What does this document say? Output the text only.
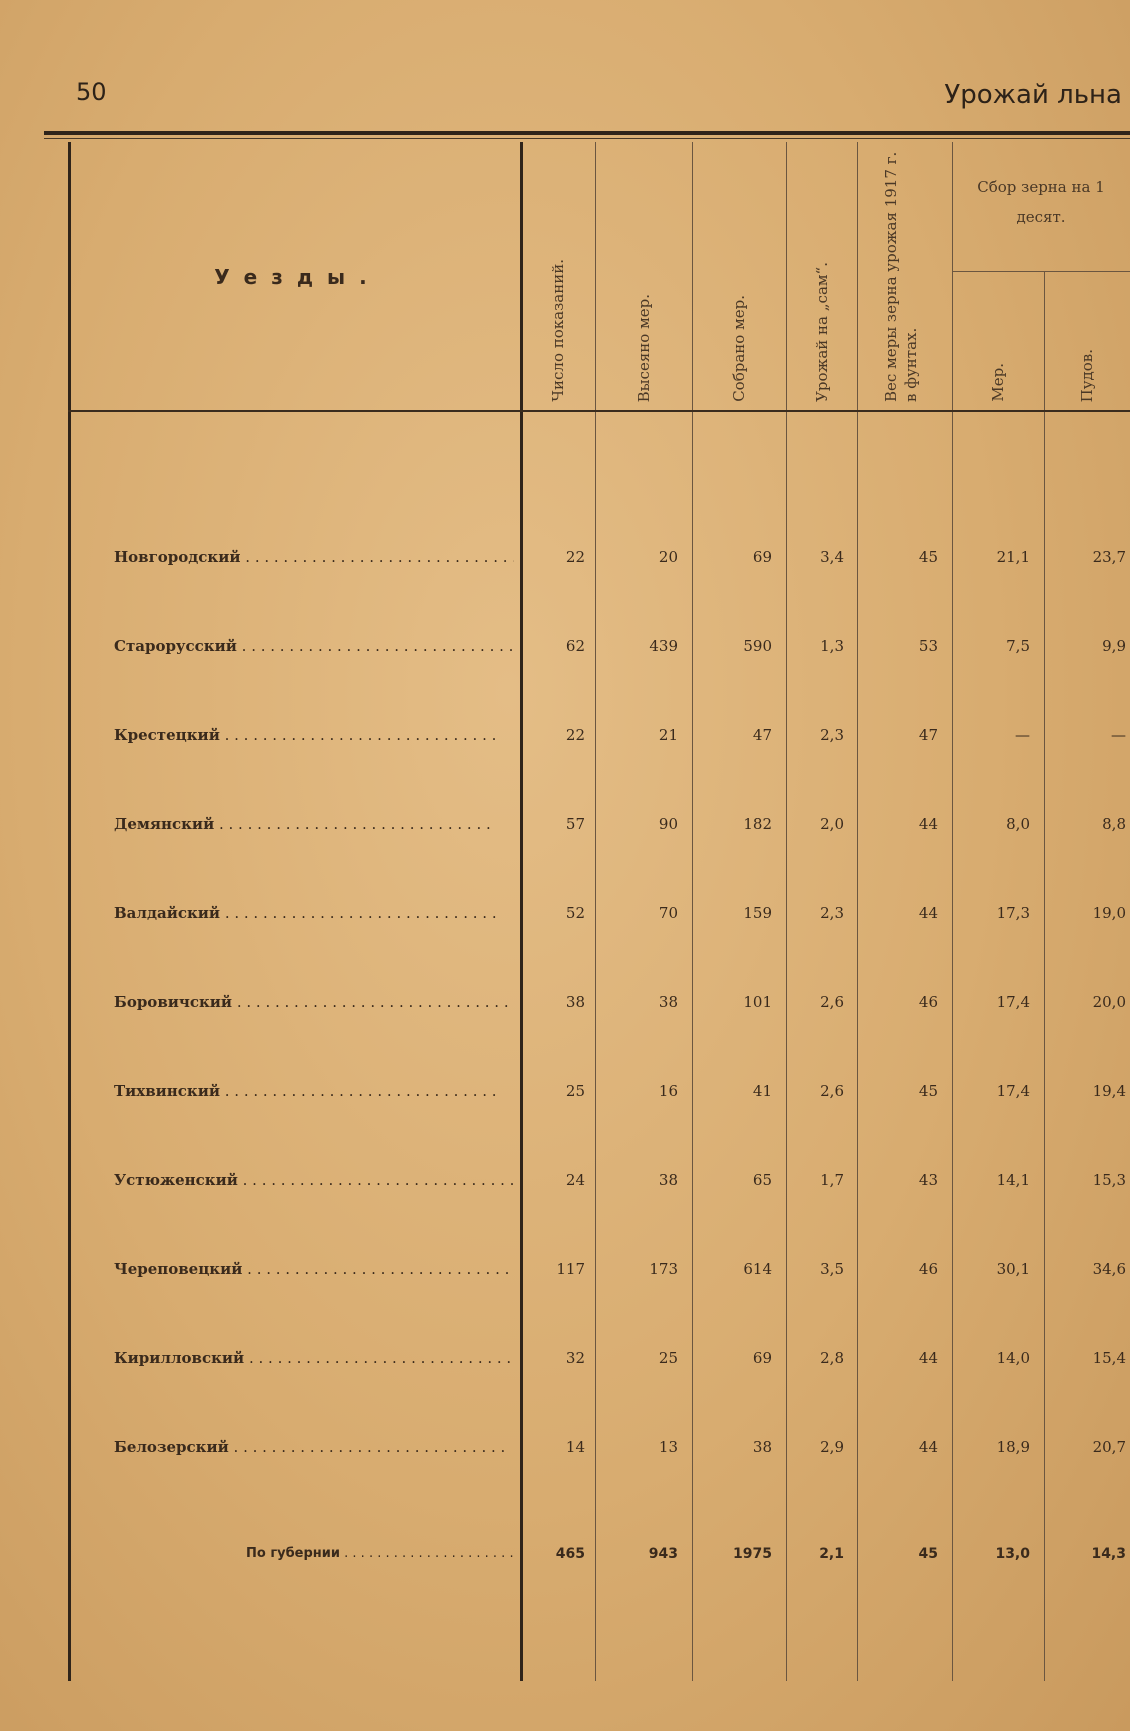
50	Урожай льна
Уезды.
Сбор зерна на 1 десят.
Число показаний.	Высеяно мер.	Собрано мер.	Урожай на „сам“.	Вес меры зерна урожая 1917 г. в фунтах.	Мер.	Пудов.
Новгородский . . .	22	20	69	3,4	45	21,1	23,7
Старорусский . . .	62	439	590	1,3	53	7,5	9,9
Крестецкий . . .	22	21	47	2,3	47	—	—
Демянский . . .	57	90	182	2,0	44	8,0	8,8
Валдайский . . .	52	70	159	2,3	44	17,3	19,0
Боровичский . . .	38	38	101	2,6	46	17,4	20,0
Тихвинский . . .	25	16	41	2,6	45	17,4	19,4
Устюженский . . .	24	38	65	1,7	43	14,1	15,3
Череповецкий . . .	117	173	614	3,5	46	30,1	34,6
Кирилловский . . .	32	25	69	2,8	44	14,0	15,4
Белозерский . . .	14	13	38	2,9	44	18,9	20,7
По губернии . . .	465	943	1975	2,1	45	13,0	14,3
